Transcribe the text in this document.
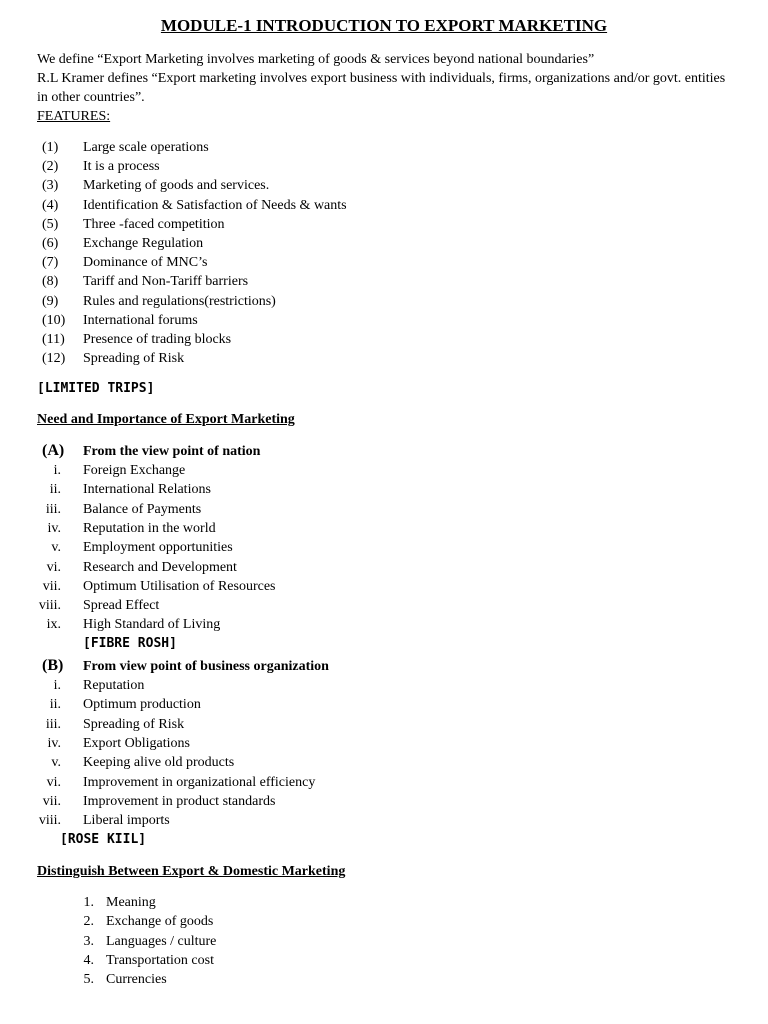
MODULE-1 INTRODUCTION TO EXPORT MARKETING
We define “Export Marketing involves marketing of goods & services beyond national boundaries”
R.L Kramer defines “Export marketing involves export business with individuals, firms, organizations and/or govt. entities in other countries”.
FEATURES:
(1) Large scale operations
(2) It is a process
(3) Marketing of goods and services.
(4) Identification & Satisfaction of Needs & wants
(5) Three -faced competition
(6) Exchange Regulation
(7) Dominance of MNC’s
(8) Tariff and Non-Tariff barriers
(9) Rules and regulations(restrictions)
(10) International forums
(11) Presence of trading blocks
(12) Spreading of Risk
[LIMITED TRIPS]
Need and Importance of Export Marketing
(A) From the view point of nation
i. Foreign Exchange
ii. International Relations
iii. Balance of Payments
iv. Reputation in the world
v. Employment opportunities
vi. Research and Development
vii. Optimum Utilisation of Resources
viii. Spread Effect
ix. High Standard of Living
[FIBRE ROSH]
(B) From view point of business organization
i. Reputation
ii. Optimum production
iii. Spreading of Risk
iv. Export Obligations
v. Keeping alive old products
vi. Improvement in organizational efficiency
vii. Improvement in product standards
viii. Liberal imports
[ROSE KIIL]
Distinguish Between Export & Domestic Marketing
1. Meaning
2. Exchange of goods
3. Languages / culture
4. Transportation cost
5. Currencies
